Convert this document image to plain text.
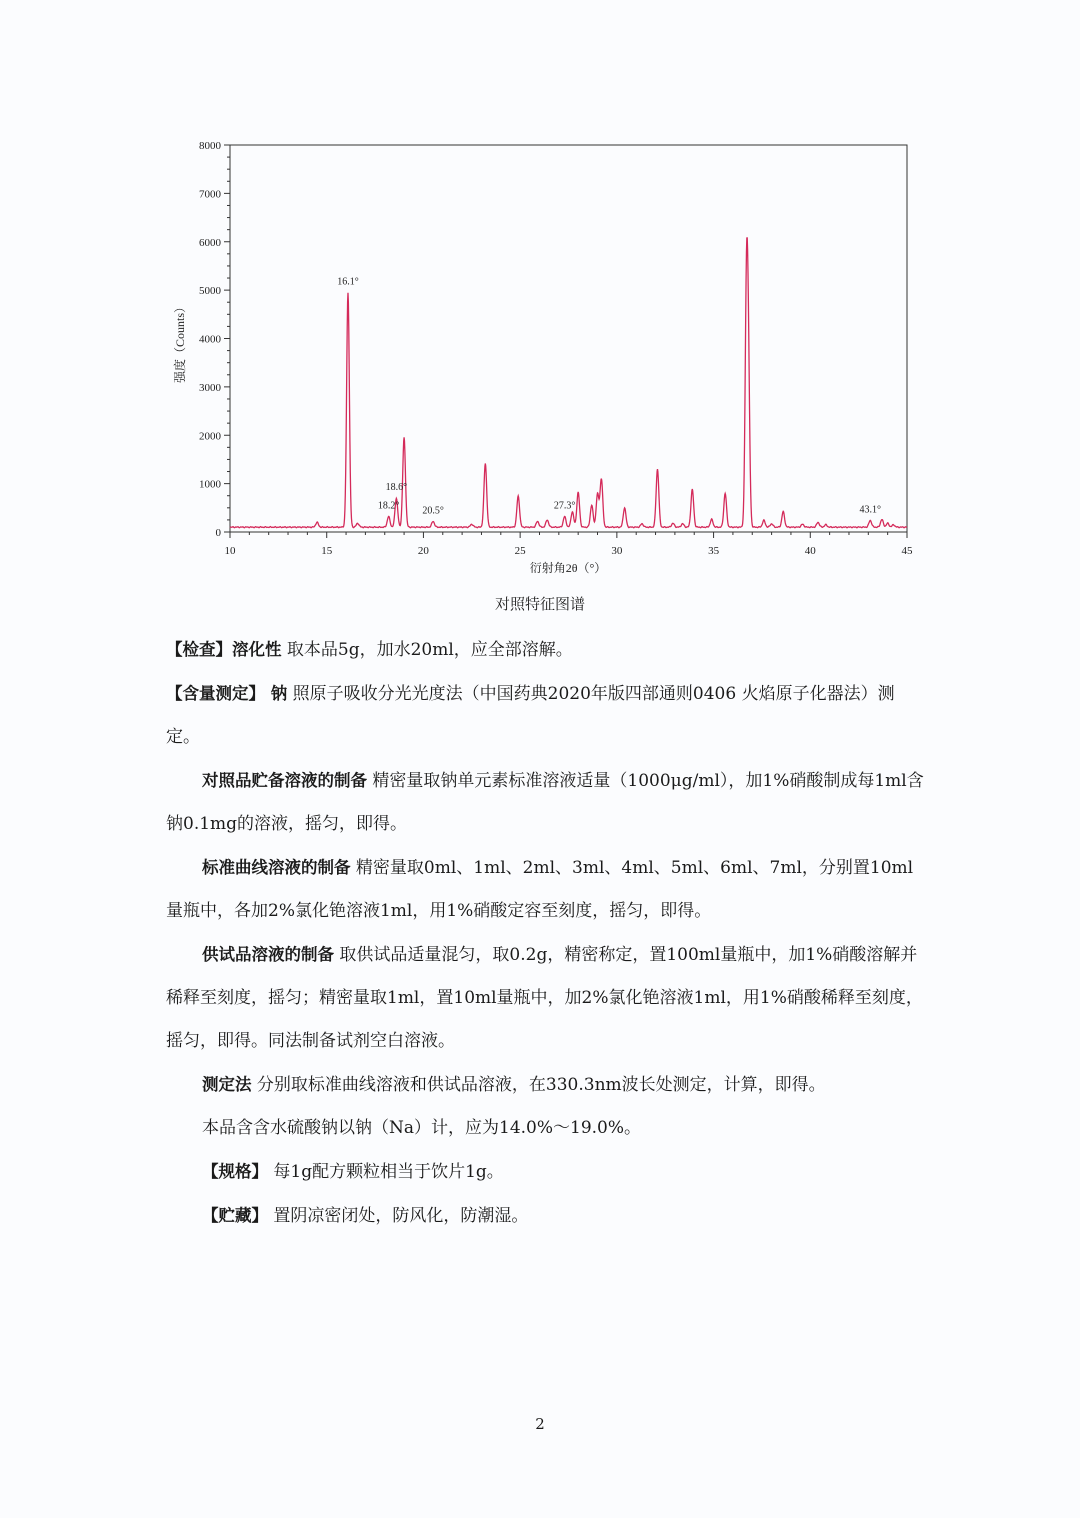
0
1000
2000
3000
4000
5000
6000
7000
8000
10	15	20	25	30	35	40	45
16.1°
18.2°
18.6°
20.5°	27.3°	43.1°
衍射角2θ（°）
强度（Counts）
对照特征图谱

【检查】溶化性 取本品5g，加水20ml，应全部溶解。

【含量测定】 钠 照原子吸收分光光度法（中国药典2020年版四部通则0406 火焰原子化器法）测定。

对照品贮备溶液的制备 精密量取钠单元素标准溶液适量（1000μg/ml），加1%硝酸制成每1ml含钠0.1mg的溶液，摇匀，即得。

标准曲线溶液的制备 精密量取0ml、1ml、2ml、3ml、4ml、5ml、6ml、7ml，分别置10ml量瓶中，各加2%氯化铯溶液1ml，用1%硝酸定容至刻度，摇匀，即得。

供试品溶液的制备 取供试品适量混匀，取0.2g，精密称定，置100ml量瓶中，加1%硝酸溶解并稀释至刻度，摇匀；精密量取1ml，置10ml量瓶中，加2%氯化铯溶液1ml，用1%硝酸稀释至刻度，摇匀，即得。同法制备试剂空白溶液。

测定法 分别取标准曲线溶液和供试品溶液，在330.3nm波长处测定，计算，即得。

本品含含水硫酸钠以钠（Na）计，应为14.0%～19.0%。

【规格】 每1g配方颗粒相当于饮片1g。

【贮藏】 置阴凉密闭处，防风化，防潮湿。

2
